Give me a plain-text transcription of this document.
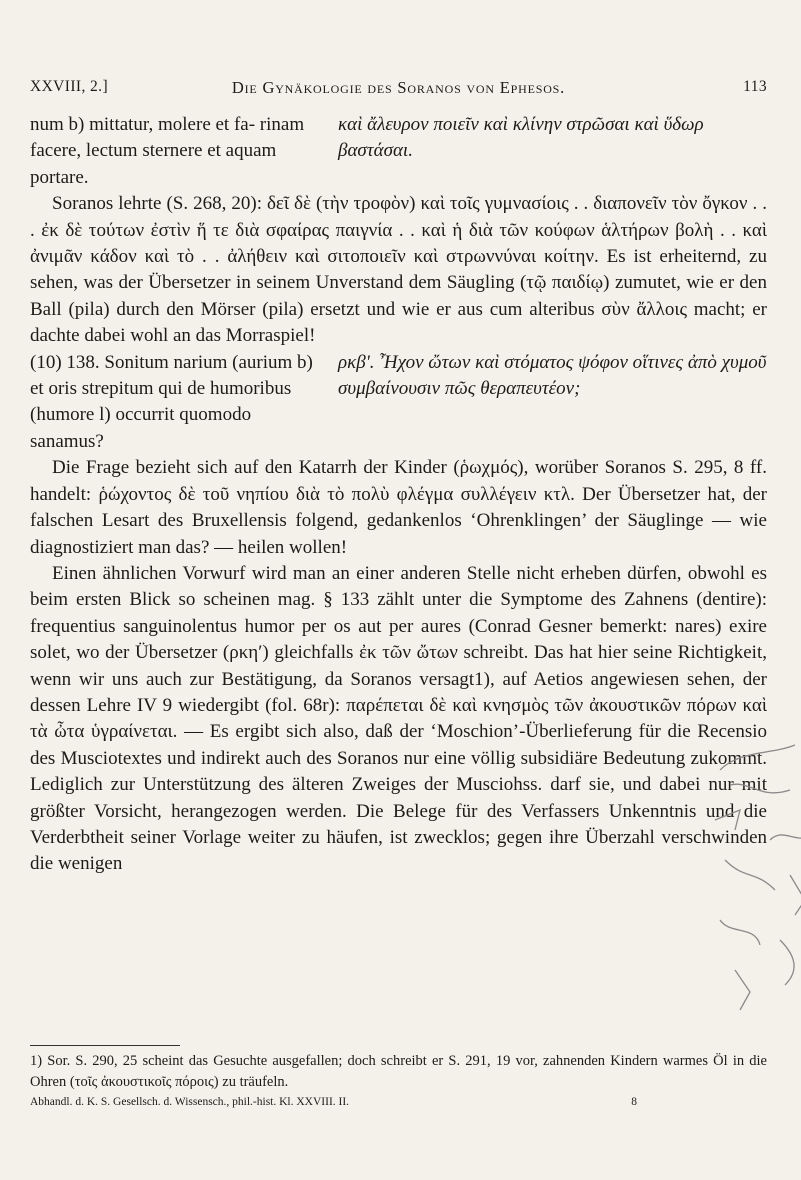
XXVIII, 2.]	Die Gynäkologie des Soranos von Ephesos.	113
num b) mittatur, molere et fa- rinam facere, lectum sternere et aquam portare.
καὶ ἄλευρον ποιεῖν καὶ κλίνην στρῶσαι καὶ ὕδωρ βαστάσαι.

Soranos lehrte (S. 268, 20): δεῖ δὲ (τὴν τροφὸν) καὶ τοῖς γυμνασίοις . . διαπονεῖν τὸν ὄγκον . . . ἐκ δὲ τούτων ἐστὶν ἥ τε διὰ σφαίρας παιγνία . . καὶ ἡ διὰ τῶν κούφων ἁλτήρων βολὴ . . καὶ ἀνιμᾶν κάδον καὶ τὸ . . ἀλήθειν καὶ σιτοποιεῖν καὶ στρωννύναι κοίτην. Es ist erheiternd, zu sehen, was der Übersetzer in seinem Unverstand dem Säugling (τῷ παιδίῳ) zumutet, wie er den Ball (pila) durch den Mörser (pila) ersetzt und wie er aus cum alteribus σὺν ἄλλοις macht; er dachte dabei wohl an das Morraspiel!

(10) 138. Sonitum narium (aurium b) et oris strepitum qui de humoribus (humore l) occurrit quomodo sanamus?
ρκβʹ. Ἦχον ὤτων καὶ στόματος ψόφον οἵτινες ἀπὸ χυμοῦ συμβαίνουσιν πῶς θεραπευτέον;

Die Frage bezieht sich auf den Katarrh der Kinder (ῥωχμός), worüber Soranos S. 295, 8 ff. handelt: ῥώχοντος δὲ τοῦ νηπίου διὰ τὸ πολὺ φλέγμα συλλέγειν κτλ. Der Übersetzer hat, der falschen Lesart des Bruxellensis folgend, gedankenlos ‘Ohrenklingen’ der Säuglinge — wie diagnostiziert man das? — heilen wollen!

Einen ähnlichen Vorwurf wird man an einer anderen Stelle nicht erheben dürfen, obwohl es beim ersten Blick so scheinen mag. § 133 zählt unter die Symptome des Zahnens (dentire): frequentius sanguinolentus humor per os aut per aures (Conrad Gesner bemerkt: nares) exire solet, wo der Übersetzer (ρκηʹ) gleichfalls ἐκ τῶν ὤτων schreibt. Das hat hier seine Richtigkeit, wenn wir uns auch zur Bestätigung, da Soranos versagt1), auf Aetios angewiesen sehen, der dessen Lehre IV 9 wiedergibt (fol. 68r): παρέπεται δὲ καὶ κνησμὸς τῶν ἀκουστικῶν πόρων καὶ τὰ ὦτα ὑγραίνεται. — Es ergibt sich also, daß der ‘Moschion’-Überlieferung für die Recensio des Musciotextes und indirekt auch des Soranos nur eine völlig subsidiäre Bedeutung zukommt. Lediglich zur Unterstützung des älteren Zweiges der Musciohss. darf sie, und dabei nur mit größter Vorsicht, herangezogen werden. Die Belege für des Verfassers Unkenntnis und die Verderbtheit seiner Vorlage weiter zu häufen, ist zwecklos; gegen ihre Überzahl verschwinden die wenigen

1) Sor. S. 290, 25 scheint das Gesuchte ausgefallen; doch schreibt er S. 291, 19 vor, zahnenden Kindern warmes Öl in die Ohren (τοῖς ἀκουστικοῖς πόροις) zu träufeln.
Abhandl. d. K. S. Gesellsch. d. Wissensch., phil.-hist. Kl. XXVIII. II.	8
